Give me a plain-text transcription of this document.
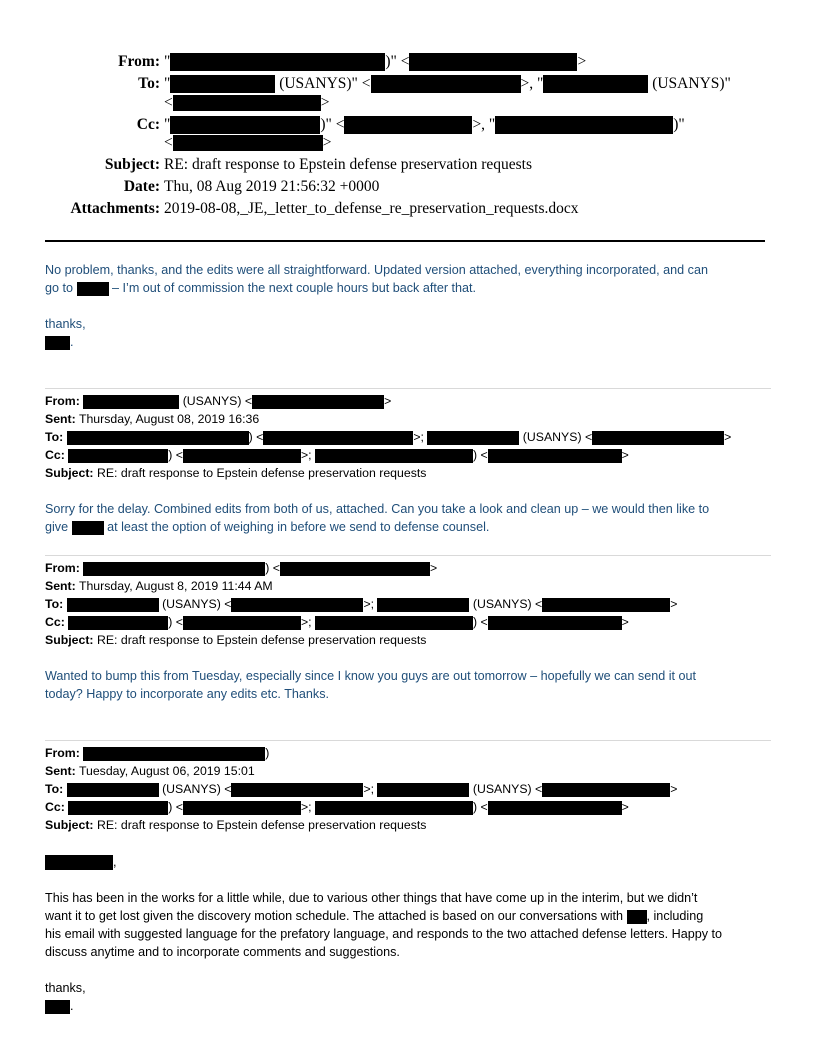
From: "	)" <	>
To: "	(USANYS)" <	>, "	(USANYS)"
<	>
Cc: "	)" <	>, "	)"
<	>
Subject: RE: draft response to Epstein defense preservation requests
Date: Thu, 08 Aug 2019 21:56:32 +0000
Attachments: 2019-08-08,_JE,_letter_to_defense_re_preservation_requests.docx
No problem, thanks, and the edits were all straightforward. Updated version attached, everything incorporated, and can
go to	– I’m out of commission the next couple hours but back after that.
thanks,
.
From:	(USANYS) <	>
Sent: Thursday, August 08, 2019 16:36
To:	) <	>;	(USANYS) <	>
Cc:	) <	>;	) <	>
Subject: RE: draft response to Epstein defense preservation requests
Sorry for the delay. Combined edits from both of us, attached. Can you take a look and clean up – we would then like to
give	at least the option of weighing in before we send to defense counsel.
From:	) <	>
Sent: Thursday, August 8, 2019 11:44 AM
To:	(USANYS) <	>;	(USANYS) <	>
Cc:	) <	>;	) <	>
Subject: RE: draft response to Epstein defense preservation requests
Wanted to bump this from Tuesday, especially since I know you guys are out tomorrow – hopefully we can send it out
today? Happy to incorporate any edits etc. Thanks.
From:	)
Sent: Tuesday, August 06, 2019 15:01
To:	(USANYS) <	>;	(USANYS) <	>
Cc:	) <	>;	) <	>
Subject: RE: draft response to Epstein defense preservation requests
,
This has been in the works for a little while, due to various other things that have come up in the interim, but we didn’t
want it to get lost given the discovery motion schedule. The attached is based on our conversations with , including
his email with suggested language for the prefatory language, and responds to the two attached defense letters. Happy to
discuss anytime and to incorporate comments and suggestions.
thanks,
.
